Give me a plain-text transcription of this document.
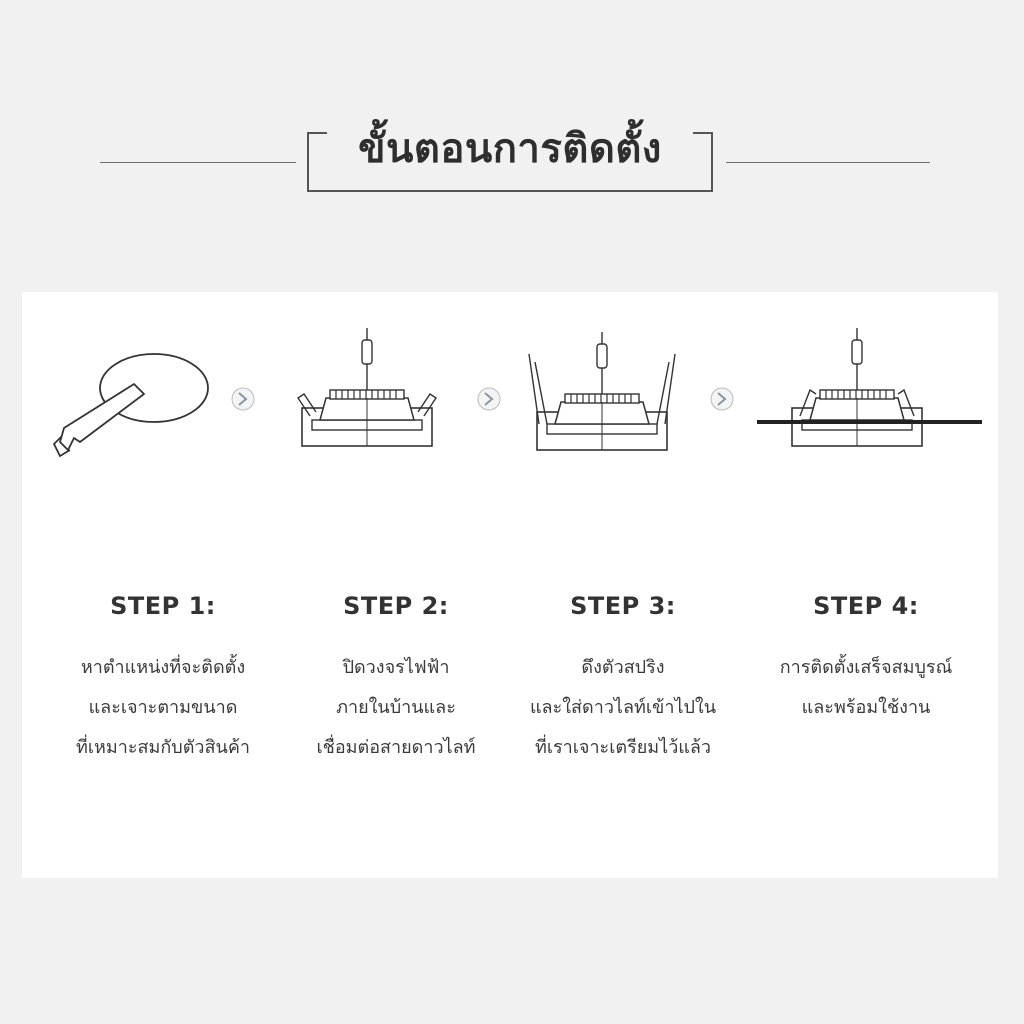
ขั้นตอนการติดตั้ง
STEP 1:
หาตำแหน่งที่จะติดตั้ง
และเจาะตามขนาด
ที่เหมาะสมกับตัวสินค้า
STEP 2:
ปิดวงจรไฟฟ้า
ภายในบ้านและ
เชื่อมต่อสายดาวไลท์
STEP 3:
ดึงตัวสปริง
และใส่ดาวไลท์เข้าไปใน
ที่เราเจาะเตรียมไว้แล้ว
STEP 4:
การติดตั้งเสร็จสมบูรณ์
และพร้อมใช้งาน
